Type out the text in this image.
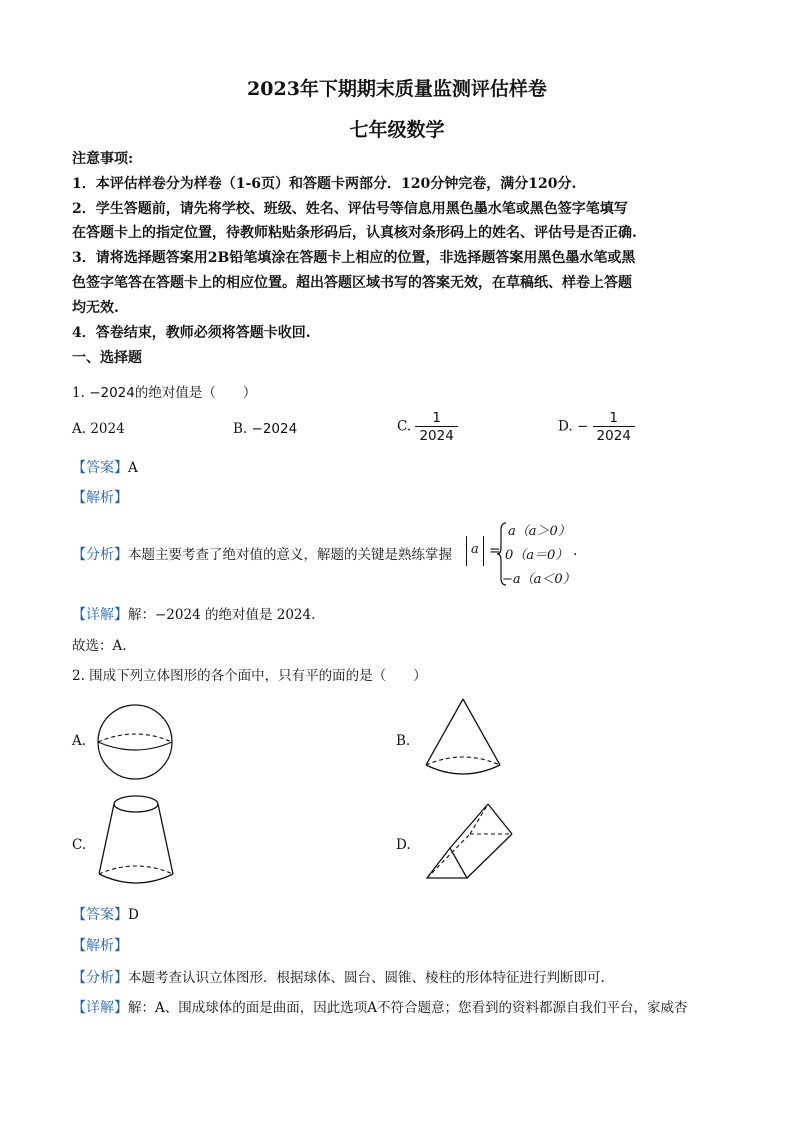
2023年下期期末质量监测评估样卷
七年级数学
注意事项:
1．本评估样卷分为样卷（1-6页）和答题卡两部分．120分钟完卷，满分120分.
2．学生答题前，请先将学校、班级、姓名、评估号等信息用黑色墨水笔或黑色签字笔填写
在答题卡上的指定位置，待教师粘贴条形码后，认真核对条形码上的姓名、评估号是否正确.
3．请将选择题答案用2B铅笔填涂在答题卡上相应的位置，非选择题答案用黑色墨水笔或黑
色签字笔答在答题卡上的相应位置。超出答题区域书写的答案无效，在草稿纸、样卷上答题
均无效.
4．答卷结束，教师必须将答题卡收回.
一、选择题
1. −2024的绝对值是（　　）
A. 2024	B. −2024	C. $\frac{1}{2024}$	D. − $\frac{1}{2024}$
【答案】A
【解析】
【分析】本题主要考查了绝对值的意义，解题的关键是熟练掌握 a =
a（a＞0）
0（a＝0）
−a（a＜0）
.
【详解】解：−2024 的绝对值是 2024.
故选：A.
2. 围成下列立体图形的各个面中，只有平的面的是（　　）
A.	B.
C.	D.
【答案】D
【解析】
【分析】本题考查认识立体图形．根据球体、圆台、圆锥、棱柱的形体特征进行判断即可.
【详解】解：A、围成球体的面是曲面，因此选项A不符合题意；您看到的资料都源自我们平台，家威杏
